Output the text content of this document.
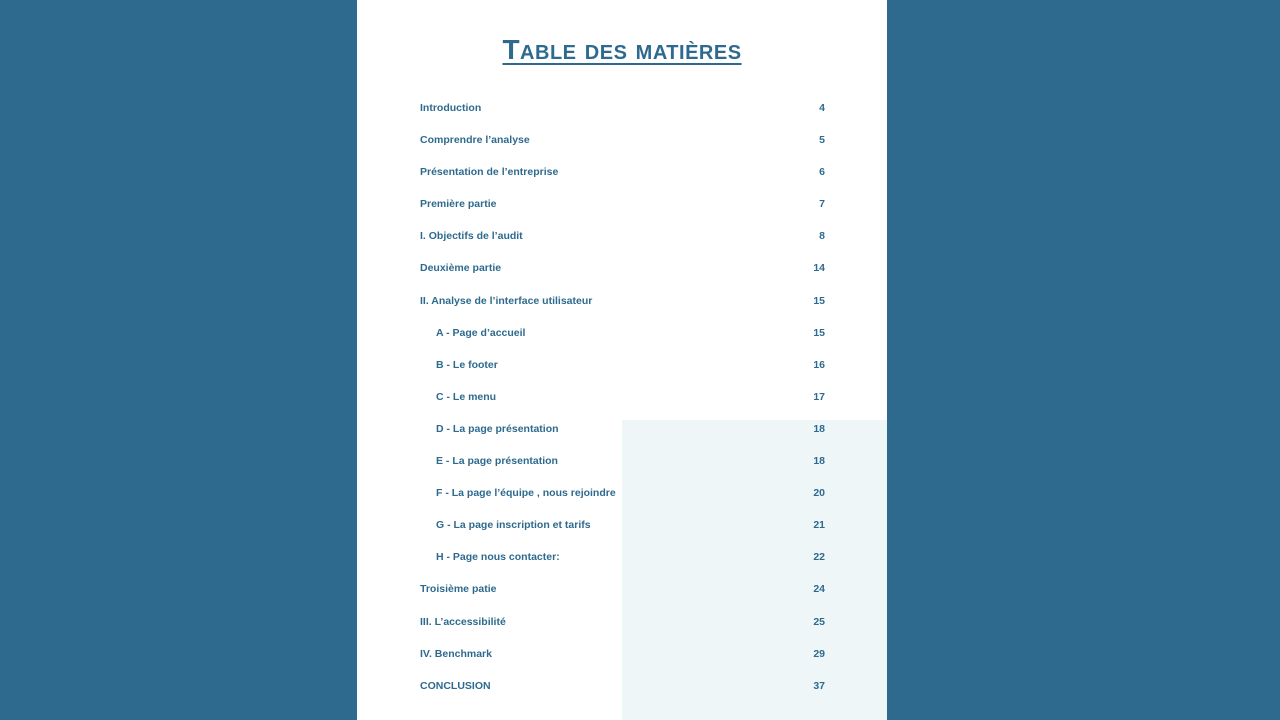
Table des matières
Introduction	4
Comprendre l’analyse	5
Présentation de l’entreprise	6
Première partie	7
I. Objectifs de l’audit	8
Deuxième partie	14
II. Analyse de l’interface utilisateur	15
A - Page d’accueil	15
B - Le footer	16
C - Le menu	17
D - La page présentation	18
E - La page présentation	18
F - La page l’équipe , nous rejoindre	20
G - La page inscription et tarifs	21
H - Page nous contacter:	22
Troisième patie	24
III. L’accessibilité	25
IV. Benchmark	29
CONCLUSION	37
